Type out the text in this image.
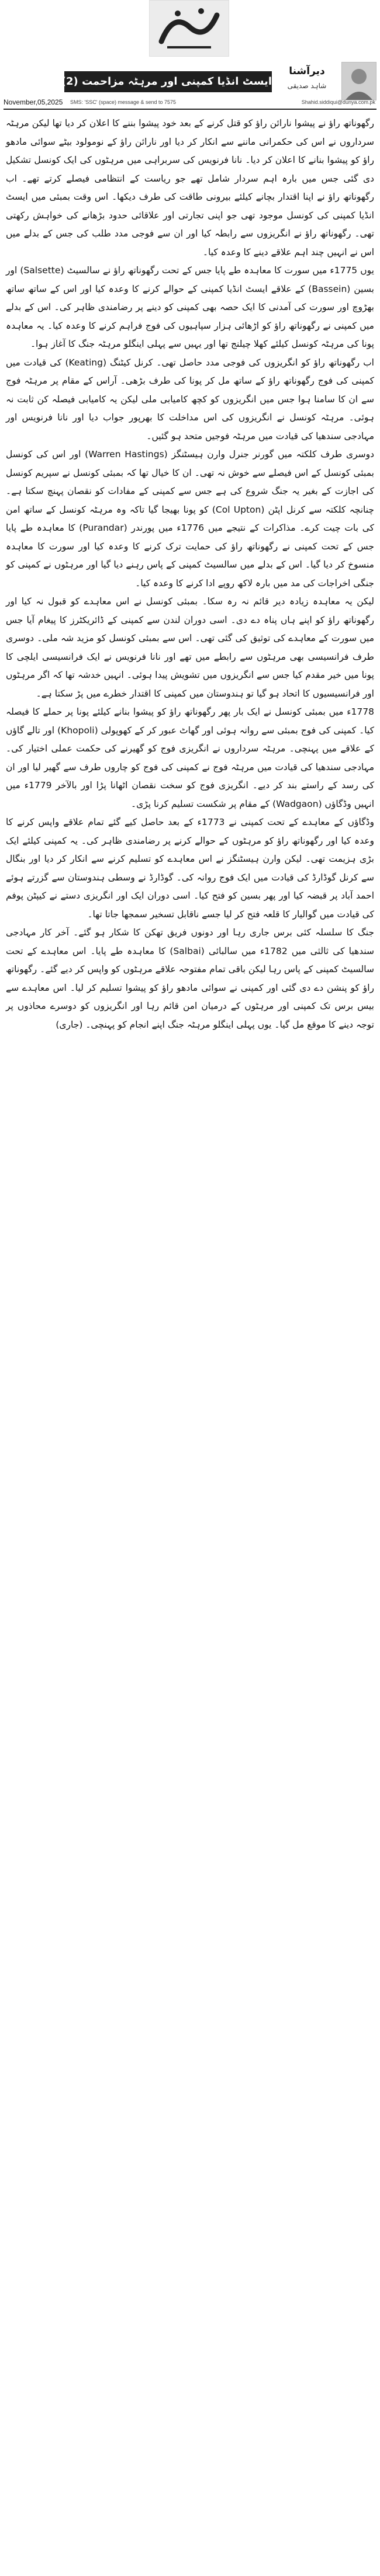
دیرآشنا
شاہد صدیقی
ایسٹ انڈیا کمپنی اور مرہٹہ مزاحمت (2)
November,05,2025 SMS: 'SSC' (space) message & send to 7575	Shahid.siddiqui@dunya.com.pk

رگھوناتھ راؤ نے پیشوا نارائن راؤ کو قتل کرنے کے بعد خود پیشوا بننے کا اعلان کر دیا تھا لیکن مرہٹہ سرداروں نے اس کی حکمرانی ماننے سے انکار کر دیا اور نارائن راؤ کے نومولود بیٹے سوائی مادھو راؤ کو پیشوا بنانے کا اعلان کر دیا۔ نانا فرنویس کی سربراہی میں مرہٹوں کی ایک کونسل تشکیل دی گئی جس میں بارہ اہم سردار شامل تھے جو ریاست کے انتظامی فیصلے کرتے تھے۔ اب رگھوناتھ راؤ نے اپنا اقتدار بچانے کیلئے بیرونی طاقت کی طرف دیکھا۔ اس وقت بمبئی میں ایسٹ انڈیا کمپنی کی کونسل موجود تھی جو اپنی تجارتی اور علاقائی حدود بڑھانے کی خواہش رکھتی تھی۔ رگھوناتھ راؤ نے انگریزوں سے رابطہ کیا اور ان سے فوجی مدد طلب کی جس کے بدلے میں اس نے انہیں چند اہم علاقے دینے کا وعدہ کیا۔

یوں 1775ء میں سورت کا معاہدہ طے پایا جس کے تحت رگھوناتھ راؤ نے سالسیٹ (Salsette) اور بسین (Bassein) کے علاقے ایسٹ انڈیا کمپنی کے حوالے کرنے کا وعدہ کیا اور اس کے ساتھ ساتھ بھڑوچ اور سورت کی آمدنی کا ایک حصہ بھی کمپنی کو دینے پر رضامندی ظاہر کی۔ اس کے بدلے میں کمپنی نے رگھوناتھ راؤ کو اڑھائی ہزار سپاہیوں کی فوج فراہم کرنے کا وعدہ کیا۔ یہ معاہدہ پونا کی مرہٹہ کونسل کیلئے کھلا چیلنج تھا اور یہیں سے پہلی اینگلو مرہٹہ جنگ کا آغاز ہوا۔

اب رگھوناتھ راؤ کو انگریزوں کی فوجی مدد حاصل تھی۔ کرنل کیٹنگ (Keating) کی قیادت میں کمپنی کی فوج رگھوناتھ راؤ کے ساتھ مل کر پونا کی طرف بڑھی۔ آراس کے مقام پر مرہٹہ فوج سے ان کا سامنا ہوا جس میں انگریزوں کو کچھ کامیابی ملی لیکن یہ کامیابی فیصلہ کن ثابت نہ ہوئی۔ مرہٹہ کونسل نے انگریزوں کی اس مداخلت کا بھرپور جواب دیا اور نانا فرنویس اور مہادجی سندھیا کی قیادت میں مرہٹہ فوجیں متحد ہو گئیں۔

دوسری طرف کلکتہ میں گورنر جنرل وارن ہیسٹنگز (Warren Hastings) اور اس کی کونسل بمبئی کونسل کے اس فیصلے سے خوش نہ تھی۔ ان کا خیال تھا کہ بمبئی کونسل نے سپریم کونسل کی اجازت کے بغیر یہ جنگ شروع کی ہے جس سے کمپنی کے مفادات کو نقصان پہنچ سکتا ہے۔ چنانچہ کلکتہ سے کرنل اپٹن (Col Upton) کو پونا بھیجا گیا تاکہ وہ مرہٹہ کونسل کے ساتھ امن کی بات چیت کرے۔ مذاکرات کے نتیجے میں 1776ء میں پورندر (Purandar) کا معاہدہ طے پایا جس کے تحت کمپنی نے رگھوناتھ راؤ کی حمایت ترک کرنے کا وعدہ کیا اور سورت کا معاہدہ منسوخ کر دیا گیا۔ اس کے بدلے میں سالسیٹ کمپنی کے پاس رہنے دیا گیا اور مرہٹوں نے کمپنی کو جنگی اخراجات کی مد میں بارہ لاکھ روپے ادا کرنے کا وعدہ کیا۔

لیکن یہ معاہدہ زیادہ دیر قائم نہ رہ سکا۔ بمبئی کونسل نے اس معاہدے کو قبول نہ کیا اور رگھوناتھ راؤ کو اپنے ہاں پناہ دے دی۔ اسی دوران لندن سے کمپنی کے ڈائریکٹرز کا پیغام آیا جس میں سورت کے معاہدے کی توثیق کی گئی تھی۔ اس سے بمبئی کونسل کو مزید شہ ملی۔ دوسری طرف فرانسیسی بھی مرہٹوں سے رابطے میں تھے اور نانا فرنویس نے ایک فرانسیسی ایلچی کا پونا میں خیر مقدم کیا جس سے انگریزوں میں تشویش پیدا ہوئی۔ انہیں خدشہ تھا کہ اگر مرہٹوں اور فرانسیسیوں کا اتحاد ہو گیا تو ہندوستان میں کمپنی کا اقتدار خطرے میں پڑ سکتا ہے۔

1778ء میں بمبئی کونسل نے ایک بار پھر رگھوناتھ راؤ کو پیشوا بنانے کیلئے پونا پر حملے کا فیصلہ کیا۔ کمپنی کی فوج بمبئی سے روانہ ہوئی اور گھاٹ عبور کر کے کھوپولی (Khopoli) اور تالے گاؤں کے علاقے میں پہنچی۔ مرہٹہ سرداروں نے انگریزی فوج کو گھیرنے کی حکمت عملی اختیار کی۔ مہادجی سندھیا کی قیادت میں مرہٹہ فوج نے کمپنی کی فوج کو چاروں طرف سے گھیر لیا اور ان کی رسد کے راستے بند کر دیے۔ انگریزی فوج کو سخت نقصان اٹھانا پڑا اور بالآخر 1779ء میں انہیں وڈگاؤں (Wadgaon) کے مقام پر شکست تسلیم کرنا پڑی۔

وڈگاؤں کے معاہدے کے تحت کمپنی نے 1773ء کے بعد حاصل کیے گئے تمام علاقے واپس کرنے کا وعدہ کیا اور رگھوناتھ راؤ کو مرہٹوں کے حوالے کرنے پر رضامندی ظاہر کی۔ یہ کمپنی کیلئے ایک بڑی ہزیمت تھی۔ لیکن وارن ہیسٹنگز نے اس معاہدے کو تسلیم کرنے سے انکار کر دیا اور بنگال سے کرنل گوڈارڈ کی قیادت میں ایک فوج روانہ کی۔ گوڈارڈ نے وسطی ہندوستان سے گزرتے ہوئے احمد آباد پر قبضہ کیا اور پھر بسین کو فتح کیا۔ اسی دوران ایک اور انگریزی دستے نے کیپٹن پوفم کی قیادت میں گوالیار کا قلعہ فتح کر لیا جسے ناقابل تسخیر سمجھا جاتا تھا۔

جنگ کا سلسلہ کئی برس جاری رہا اور دونوں فریق تھکن کا شکار ہو گئے۔ آخر کار مہادجی سندھیا کی ثالثی میں 1782ء میں سالبائی (Salbai) کا معاہدہ طے پایا۔ اس معاہدے کے تحت سالسیٹ کمپنی کے پاس رہا لیکن باقی تمام مفتوحہ علاقے مرہٹوں کو واپس کر دیے گئے۔ رگھوناتھ راؤ کو پنشن دے دی گئی اور کمپنی نے سوائی مادھو راؤ کو پیشوا تسلیم کر لیا۔ اس معاہدے سے بیس برس تک کمپنی اور مرہٹوں کے درمیان امن قائم رہا اور انگریزوں کو دوسرے محاذوں پر توجہ دینے کا موقع مل گیا۔ یوں پہلی اینگلو مرہٹہ جنگ اپنے انجام کو پہنچی۔ (جاری)
